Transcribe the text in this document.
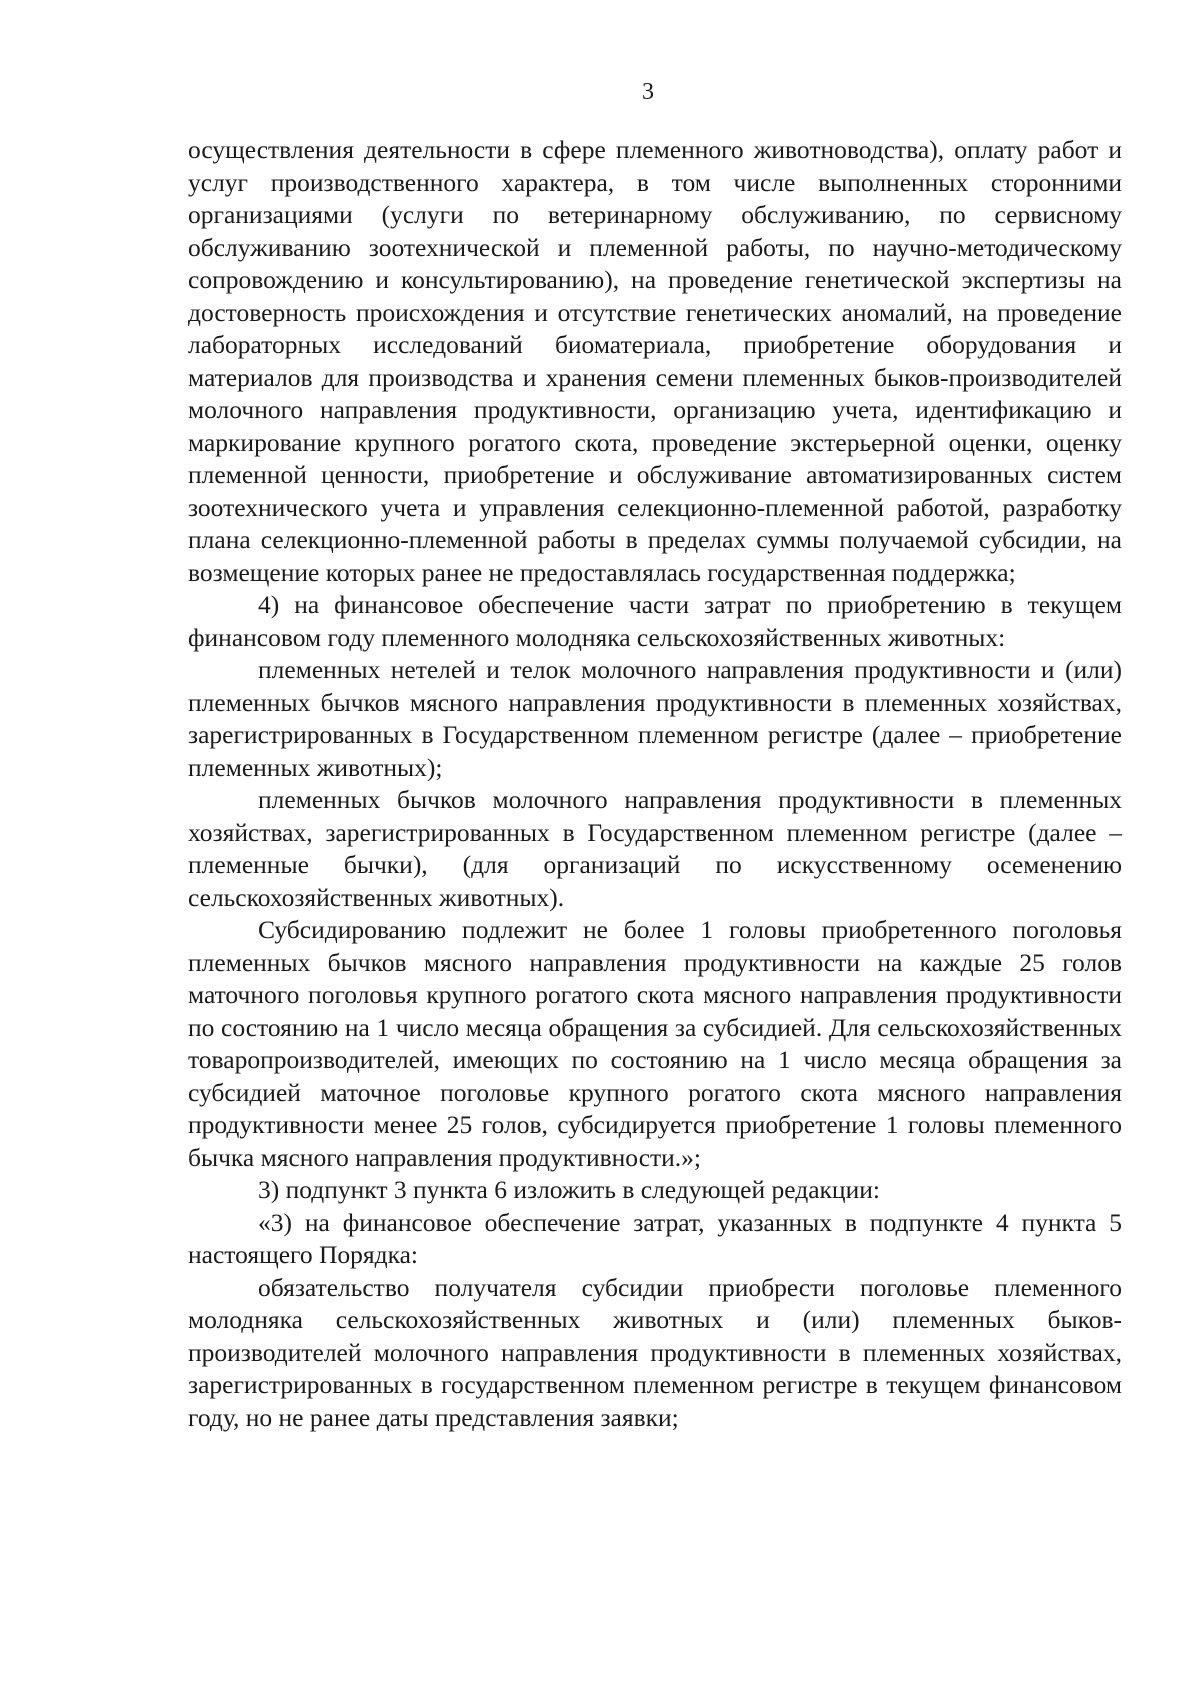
3

осуществления деятельности в сфере племенного животноводства), оплату работ и услуг производственного характера, в том числе выполненных сторонними организациями (услуги по ветеринарному обслуживанию, по сервисному обслуживанию зоотехнической и племенной работы, по научно-методическому сопровождению и консультированию), на проведение генетической экспертизы на достоверность происхождения и отсутствие генетических аномалий, на проведение лабораторных исследований биоматериала, приобретение оборудования и материалов для производства и хранения семени племенных быков-производителей молочного направления продуктивности, организацию учета, идентификацию и маркирование крупного рогатого скота, проведение экстерьерной оценки, оценку племенной ценности, приобретение и обслуживание автоматизированных систем зоотехнического учета и управления селекционно-племенной работой, разработку плана селекционно-племенной работы в пределах суммы получаемой субсидии, на возмещение которых ранее не предоставлялась государственная поддержка;

4) на финансовое обеспечение части затрат по приобретению в текущем финансовом году племенного молодняка сельскохозяйственных животных:

племенных нетелей и телок молочного направления продуктивности и (или) племенных бычков мясного направления продуктивности в племенных хозяйствах, зарегистрированных в Государственном племенном регистре (далее – приобретение племенных животных);

племенных бычков молочного направления продуктивности в племенных хозяйствах, зарегистрированных в Государственном племенном регистре (далее – племенные бычки), (для организаций по искусственному осеменению сельскохозяйственных животных).

Субсидированию подлежит не более 1 головы приобретенного поголовья племенных бычков мясного направления продуктивности на каждые 25 голов маточного поголовья крупного рогатого скота мясного направления продуктивности по состоянию на 1 число месяца обращения за субсидией. Для сельскохозяйственных товаропроизводителей, имеющих по состоянию на 1 число месяца обращения за субсидией маточное поголовье крупного рогатого скота мясного направления продуктивности менее 25 голов, субсидируется приобретение 1 головы племенного бычка мясного направления продуктивности.»;

3) подпункт 3 пункта 6 изложить в следующей редакции:

«3) на финансовое обеспечение затрат, указанных в подпункте 4 пункта 5 настоящего Порядка:

обязательство получателя субсидии приобрести поголовье племенного молодняка сельскохозяйственных животных и (или) племенных быков-производителей молочного направления продуктивности в племенных хозяйствах, зарегистрированных в государственном племенном регистре в текущем финансовом году, но не ранее даты представления заявки;
